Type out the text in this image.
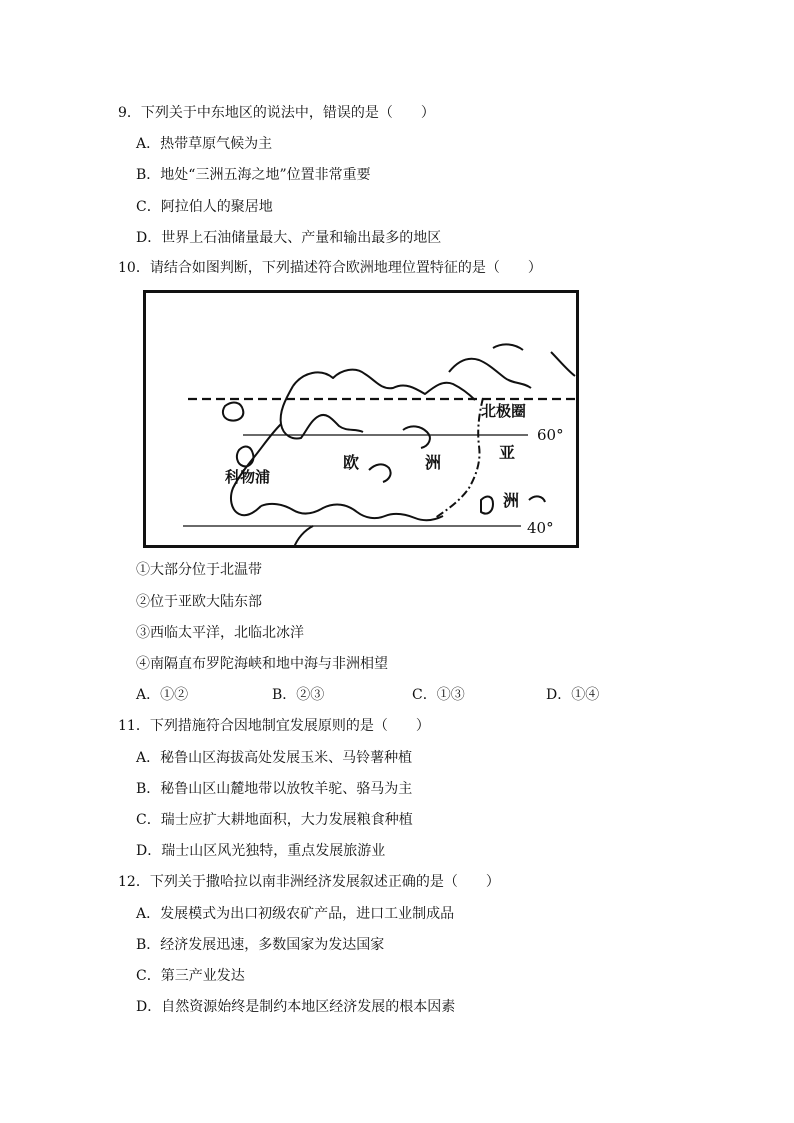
9．下列关于中东地区的说法中，错误的是（　　）
A．热带草原气候为主
B．地处“三洲五海之地”位置非常重要
C．阿拉伯人的聚居地
D．世界上石油储量最大、产量和输出最多的地区
10．请结合如图判断，下列描述符合欧洲地理位置特征的是（　　）
北极圈
60°
40°
欧	洲
亚
洲
科物浦
①大部分位于北温带
②位于亚欧大陆东部
③西临太平洋，北临北冰洋
④南隔直布罗陀海峡和地中海与非洲相望
A．①②	B．②③	C．①③	D．①④
11．下列措施符合因地制宜发展原则的是（　　）
A．秘鲁山区海拔高处发展玉米、马铃薯种植
B．秘鲁山区山麓地带以放牧羊驼、骆马为主
C．瑞士应扩大耕地面积，大力发展粮食种植
D．瑞士山区风光独特，重点发展旅游业
12．下列关于撒哈拉以南非洲经济发展叙述正确的是（　　）
A．发展模式为出口初级农矿产品，进口工业制成品
B．经济发展迅速，多数国家为发达国家
C．第三产业发达
D．自然资源始终是制约本地区经济发展的根本因素
